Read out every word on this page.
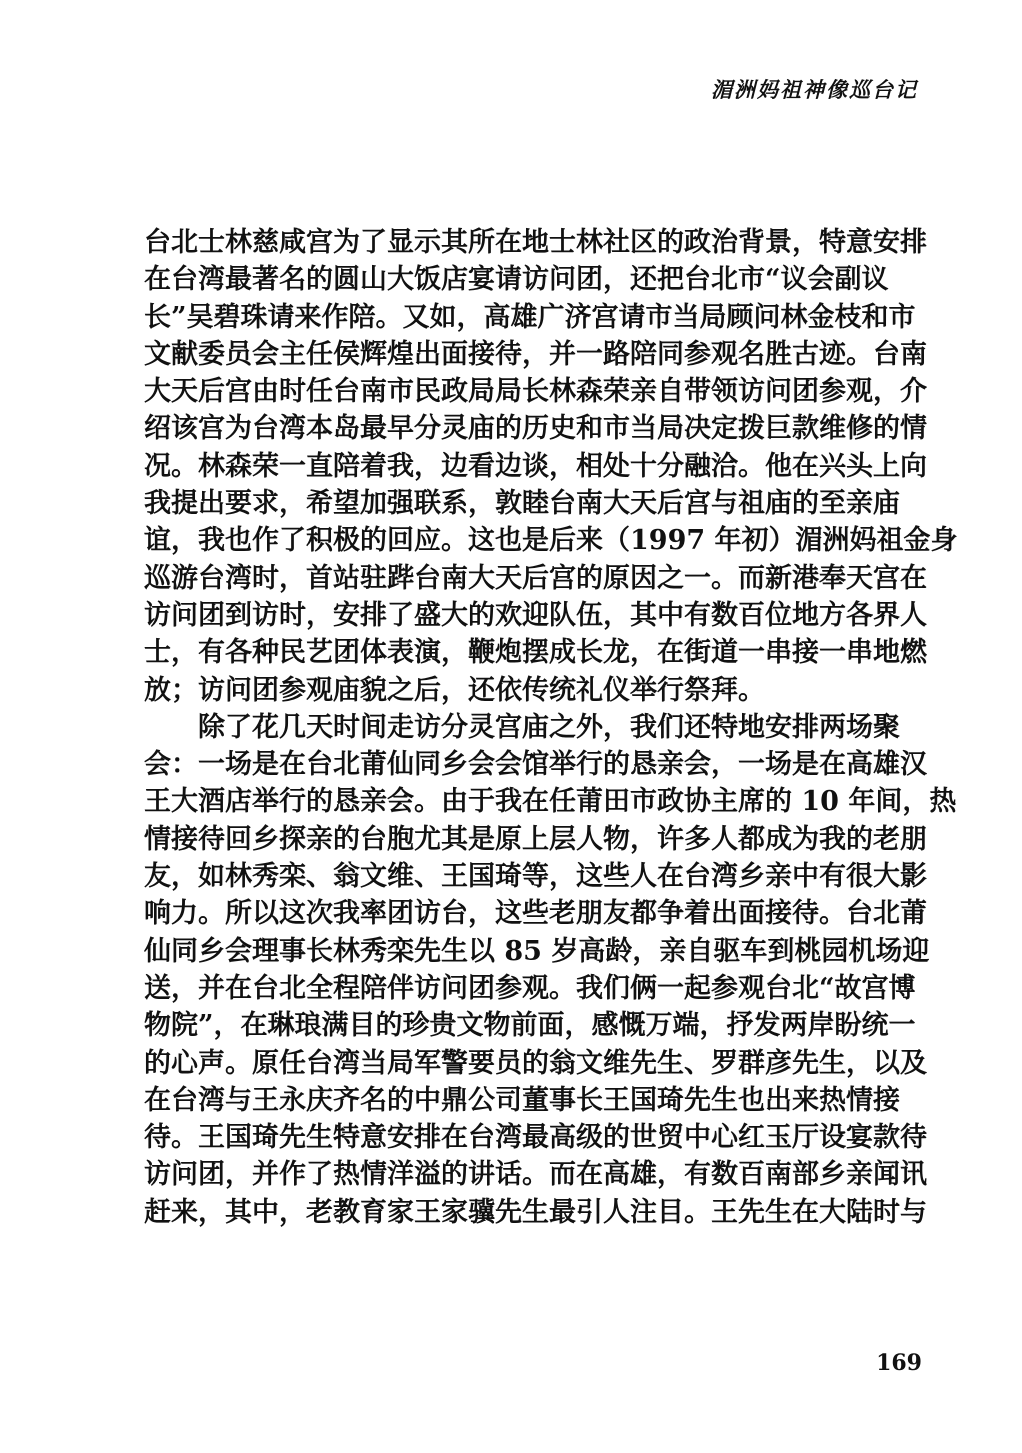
湄洲妈祖神像巡台记
台北士林慈咸宫为了显示其所在地士林社区的政治背景，特意安排
在台湾最著名的圆山大饭店宴请访问团，还把台北市“议会副议
长”吴碧珠请来作陪。又如，高雄广济宫请市当局顾问林金枝和市
文献委员会主任侯辉煌出面接待，并一路陪同参观名胜古迹。台南
大天后宫由时任台南市民政局局长林森荣亲自带领访问团参观，介
绍该宫为台湾本岛最早分灵庙的历史和市当局决定拨巨款维修的情
况。林森荣一直陪着我，边看边谈，相处十分融洽。他在兴头上向
我提出要求，希望加强联系，敦睦台南大天后宫与祖庙的至亲庙
谊，我也作了积极的回应。这也是后来（1997 年初）湄洲妈祖金身
巡游台湾时，首站驻跸台南大天后宫的原因之一。而新港奉天宫在
访问团到访时，安排了盛大的欢迎队伍，其中有数百位地方各界人
士，有各种民艺团体表演，鞭炮摆成长龙，在街道一串接一串地燃
放；访问团参观庙貌之后，还依传统礼仪举行祭拜。
　　除了花几天时间走访分灵宫庙之外，我们还特地安排两场聚
会：一场是在台北莆仙同乡会会馆举行的恳亲会，一场是在高雄汉
王大酒店举行的恳亲会。由于我在任莆田市政协主席的 10 年间，热
情接待回乡探亲的台胞尤其是原上层人物，许多人都成为我的老朋
友，如林秀栾、翁文维、王国琦等，这些人在台湾乡亲中有很大影
响力。所以这次我率团访台，这些老朋友都争着出面接待。台北莆
仙同乡会理事长林秀栾先生以 85 岁高龄，亲自驱车到桃园机场迎
送，并在台北全程陪伴访问团参观。我们俩一起参观台北“故宫博
物院”，在琳琅满目的珍贵文物前面，感慨万端，抒发两岸盼统一
的心声。原任台湾当局军警要员的翁文维先生、罗群彦先生，以及
在台湾与王永庆齐名的中鼎公司董事长王国琦先生也出来热情接
待。王国琦先生特意安排在台湾最高级的世贸中心红玉厅设宴款待
访问团，并作了热情洋溢的讲话。而在高雄，有数百南部乡亲闻讯
赶来，其中，老教育家王家骥先生最引人注目。王先生在大陆时与
169
